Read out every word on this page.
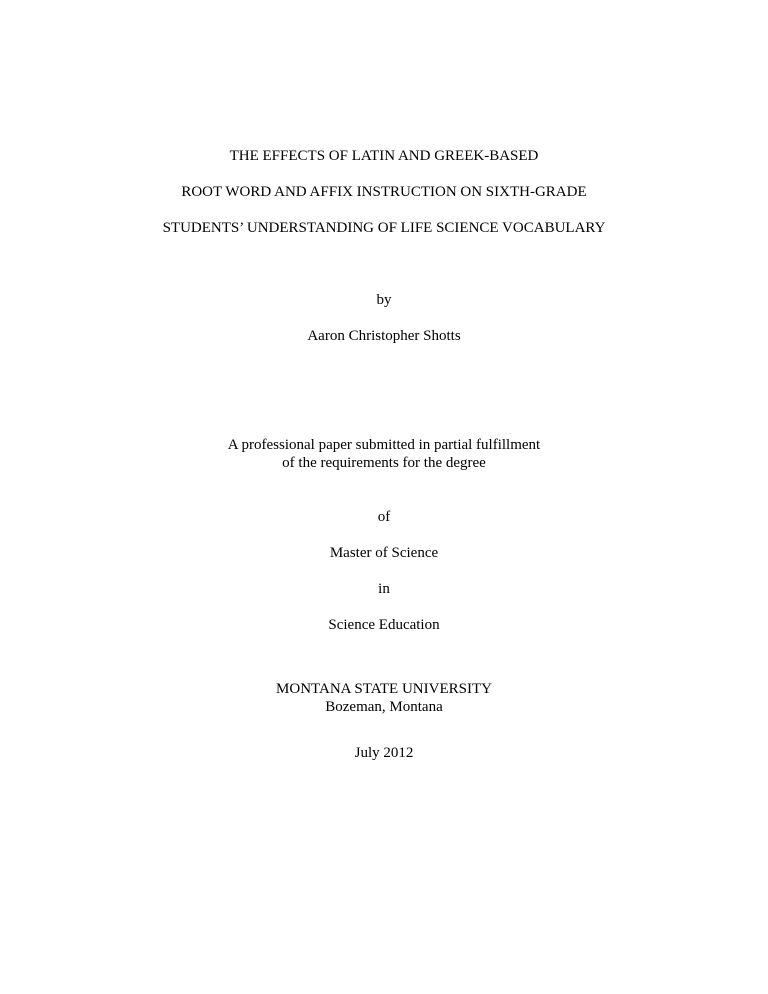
THE EFFECTS OF LATIN AND GREEK-BASED
ROOT WORD AND AFFIX INSTRUCTION ON SIXTH-GRADE
STUDENTS’ UNDERSTANDING OF LIFE SCIENCE VOCABULARY
by
Aaron Christopher Shotts
A professional paper submitted in partial fulfillment
of the requirements for the degree
of
Master of Science
in
Science Education
MONTANA STATE UNIVERSITY
Bozeman, Montana
July 2012
